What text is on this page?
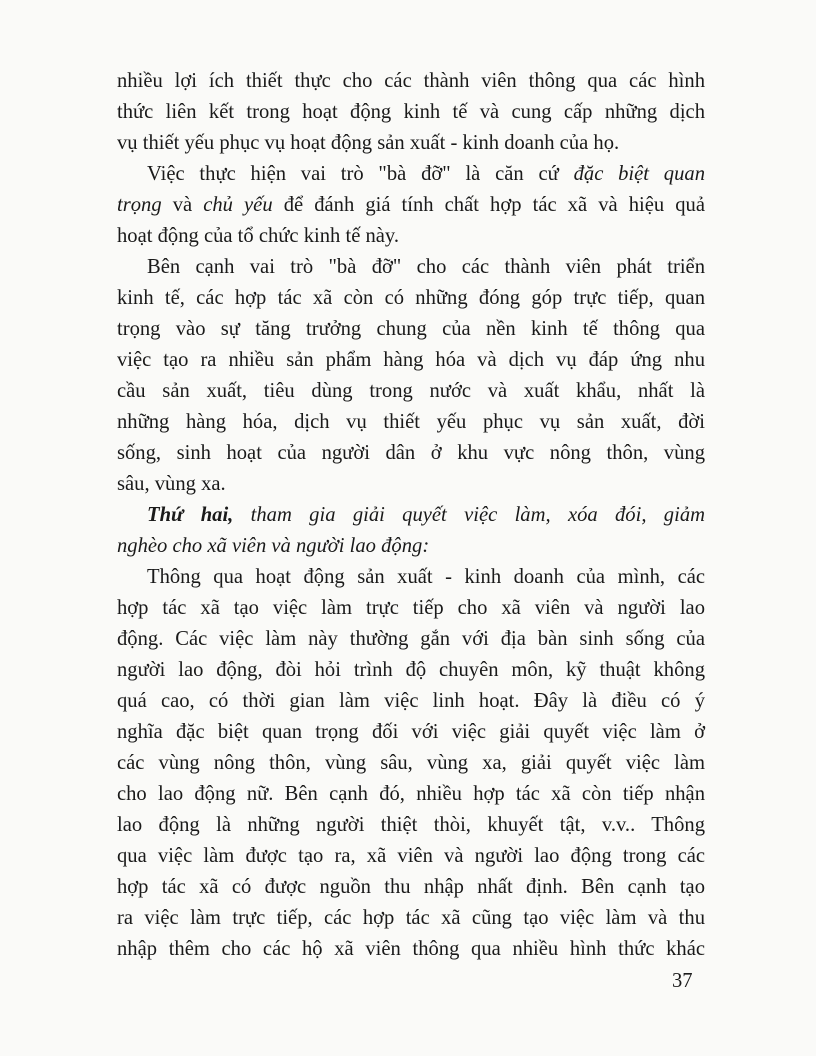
nhiều lợi ích thiết thực cho các thành viên thông qua các hình
thức liên kết trong hoạt động kinh tế và cung cấp những dịch
vụ thiết yếu phục vụ hoạt động sản xuất - kinh doanh của họ.
Việc thực hiện vai trò "bà đỡ" là căn cứ đặc biệt quan
trọng và chủ yếu để đánh giá tính chất hợp tác xã và hiệu quả
hoạt động của tổ chức kinh tế này.
Bên cạnh vai trò "bà đỡ" cho các thành viên phát triển
kinh tế, các hợp tác xã còn có những đóng góp trực tiếp, quan
trọng vào sự tăng trưởng chung của nền kinh tế thông qua
việc tạo ra nhiều sản phẩm hàng hóa và dịch vụ đáp ứng nhu
cầu sản xuất, tiêu dùng trong nước và xuất khẩu, nhất là
những hàng hóa, dịch vụ thiết yếu phục vụ sản xuất, đời
sống, sinh hoạt của người dân ở khu vực nông thôn, vùng
sâu, vùng xa.
Thứ hai, tham gia giải quyết việc làm, xóa đói, giảm
nghèo cho xã viên và người lao động:
Thông qua hoạt động sản xuất - kinh doanh của mình, các
hợp tác xã tạo việc làm trực tiếp cho xã viên và người lao
động. Các việc làm này thường gắn với địa bàn sinh sống của
người lao động, đòi hỏi trình độ chuyên môn, kỹ thuật không
quá cao, có thời gian làm việc linh hoạt. Đây là điều có ý
nghĩa đặc biệt quan trọng đối với việc giải quyết việc làm ở
các vùng nông thôn, vùng sâu, vùng xa, giải quyết việc làm
cho lao động nữ. Bên cạnh đó, nhiều hợp tác xã còn tiếp nhận
lao động là những người thiệt thòi, khuyết tật, v.v.. Thông
qua việc làm được tạo ra, xã viên và người lao động trong các
hợp tác xã có được nguồn thu nhập nhất định. Bên cạnh tạo
ra việc làm trực tiếp, các hợp tác xã cũng tạo việc làm và thu
nhập thêm cho các hộ xã viên thông qua nhiều hình thức khác
37
